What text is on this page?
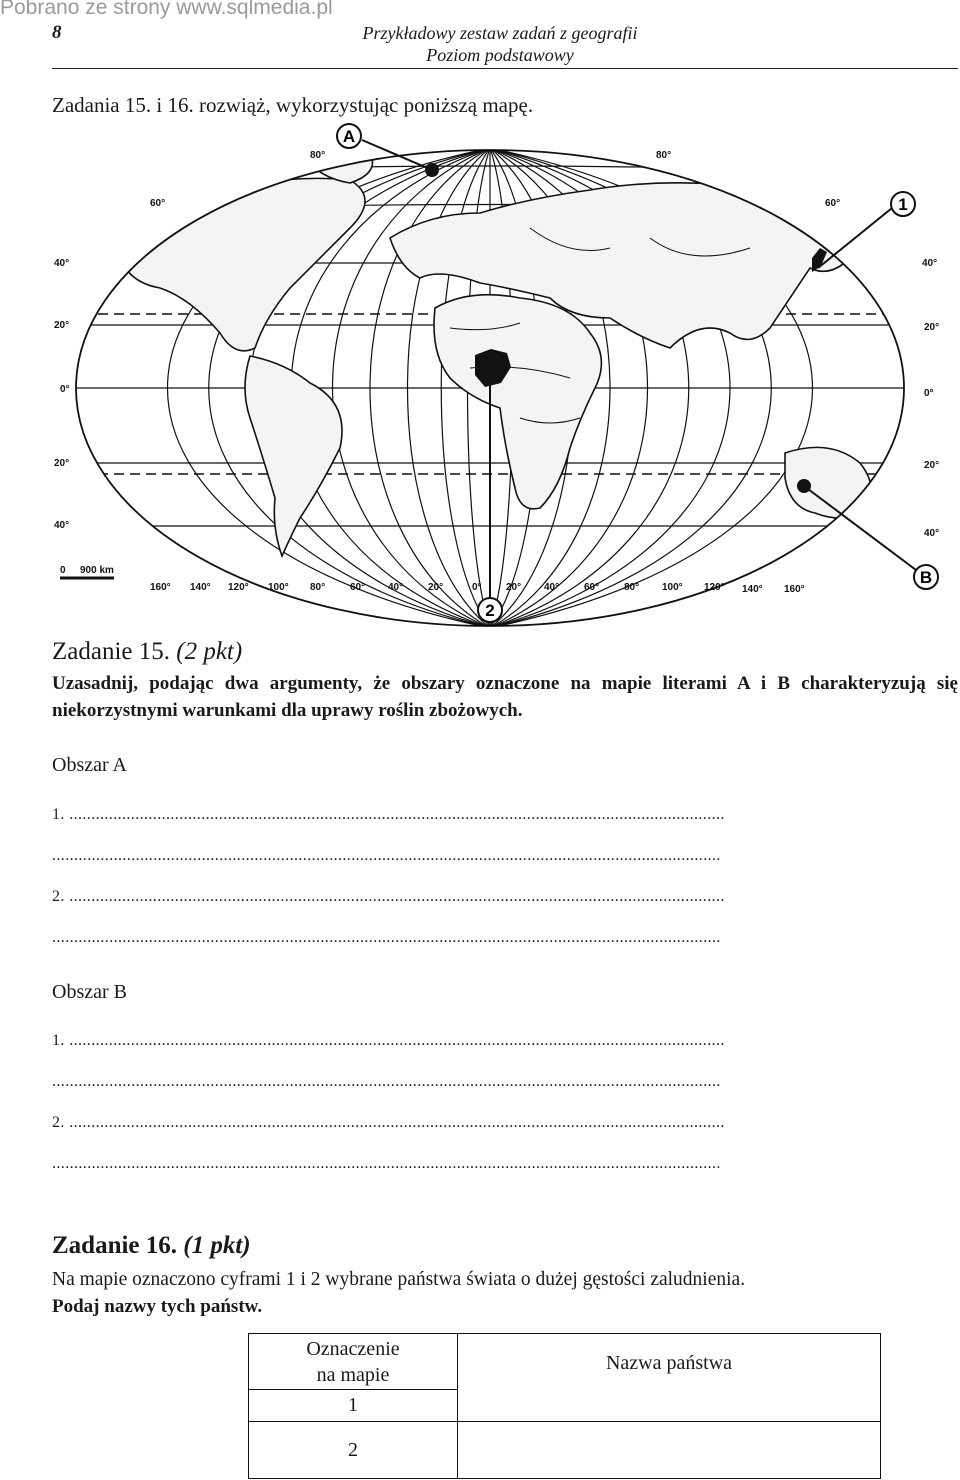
Pobrano ze strony www.sqlmedia.pl
8	Przykładowy zestaw zadań z geografii
Poziom podstawowy
Zadania 15. i 16. rozwiąż, wykorzystując poniższą mapę.
A
1
B
2
80°	80°
60°	60°
40°	40°
20°	20°
0°	0°
20°	20°
40°
40°
160° 140° 120° 100° 80° 60° 40° 20°	0° 20° 40° 60° 80° 100° 120° 140° 160°
0 900 km
Zadanie 15. (2 pkt)
Uzasadnij, podając dwa argumenty, że obszary oznaczone na mapie literami A i B charakteryzują się niekorzystnymi warunkami dla uprawy roślin zbożowych.
Obszar A
1. .....................................................................................................................................................
........................................................................................................................................................
2. .....................................................................................................................................................
........................................................................................................................................................
Obszar B
1. .....................................................................................................................................................
........................................................................................................................................................
2. .....................................................................................................................................................
........................................................................................................................................................
Zadanie 16. (1 pkt)
Na mapie oznaczono cyframi 1 i 2 wybrane państwa świata o dużej gęstości zaludnienia.
Podaj nazwy tych państw.
Oznaczenie
na mapie	Nazwa państwa
1	
2	
